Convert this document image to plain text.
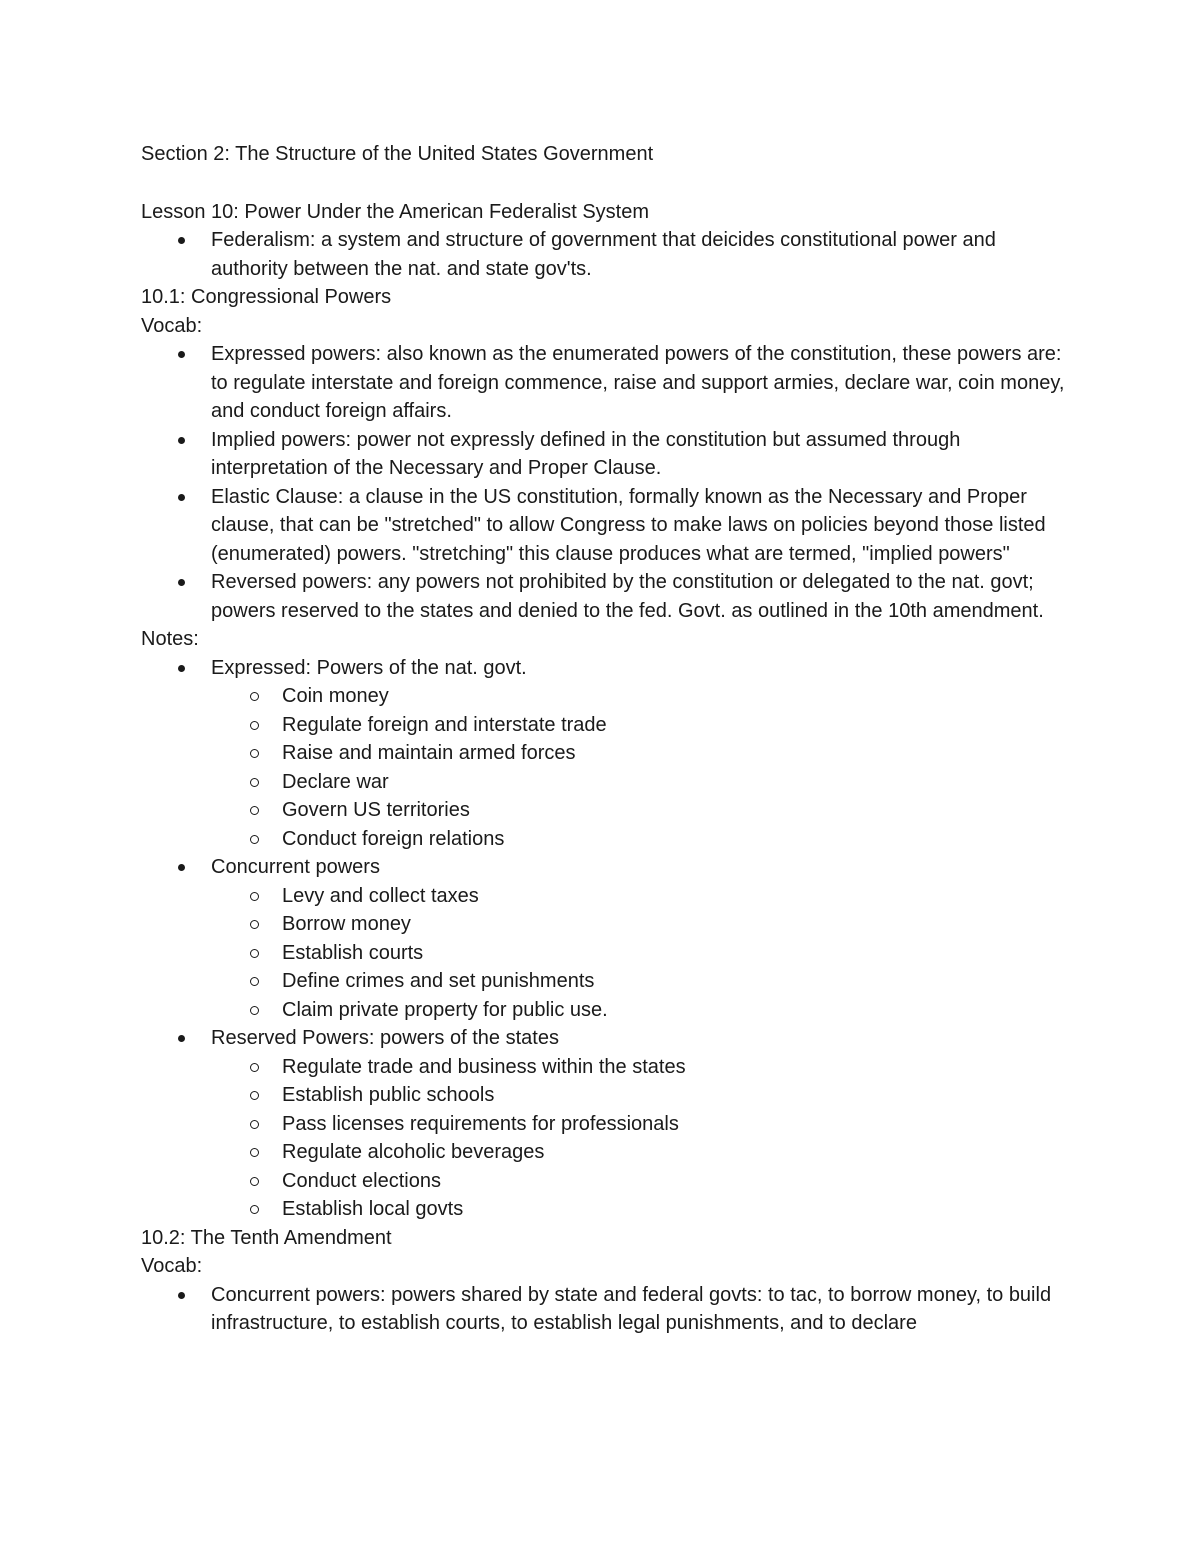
Section 2: The Structure of the United States Government

Lesson 10: Power Under the American Federalist System

Federalism: a system and structure of government that deicides constitutional power and authority between the nat. and state gov'ts.

10.1: Congressional Powers

Vocab:

Expressed powers: also known as the enumerated powers of the constitution, these powers are: to regulate interstate and foreign commence, raise and support armies, declare war, coin money, and conduct foreign affairs.
Implied powers: power not expressly defined in the constitution but assumed through interpretation of the Necessary and Proper Clause.
Elastic Clause: a clause in the US constitution, formally known as the Necessary and Proper clause, that can be "stretched" to allow Congress to make laws on policies beyond those listed (enumerated) powers. "stretching" this clause produces what are termed, "implied powers"
Reversed powers: any powers not prohibited by the constitution or delegated to the nat. govt; powers reserved to the states and denied to the fed. Govt. as outlined in the 10th amendment.

Notes:

Expressed: Powers of the nat. govt.
Coin money
Regulate foreign and interstate trade
Raise and maintain armed forces
Declare war
Govern US territories
Conduct foreign relations
Concurrent powers
Levy and collect taxes
Borrow money
Establish courts
Define crimes and set punishments
Claim private property for public use.
Reserved Powers: powers of the states
Regulate trade and business within the states
Establish public schools
Pass licenses requirements for professionals
Regulate alcoholic beverages
Conduct elections
Establish local govts

10.2: The Tenth Amendment

Vocab:

Concurrent powers: powers shared by state and federal govts: to tac, to borrow money, to build infrastructure, to establish courts, to establish legal punishments, and to declare
